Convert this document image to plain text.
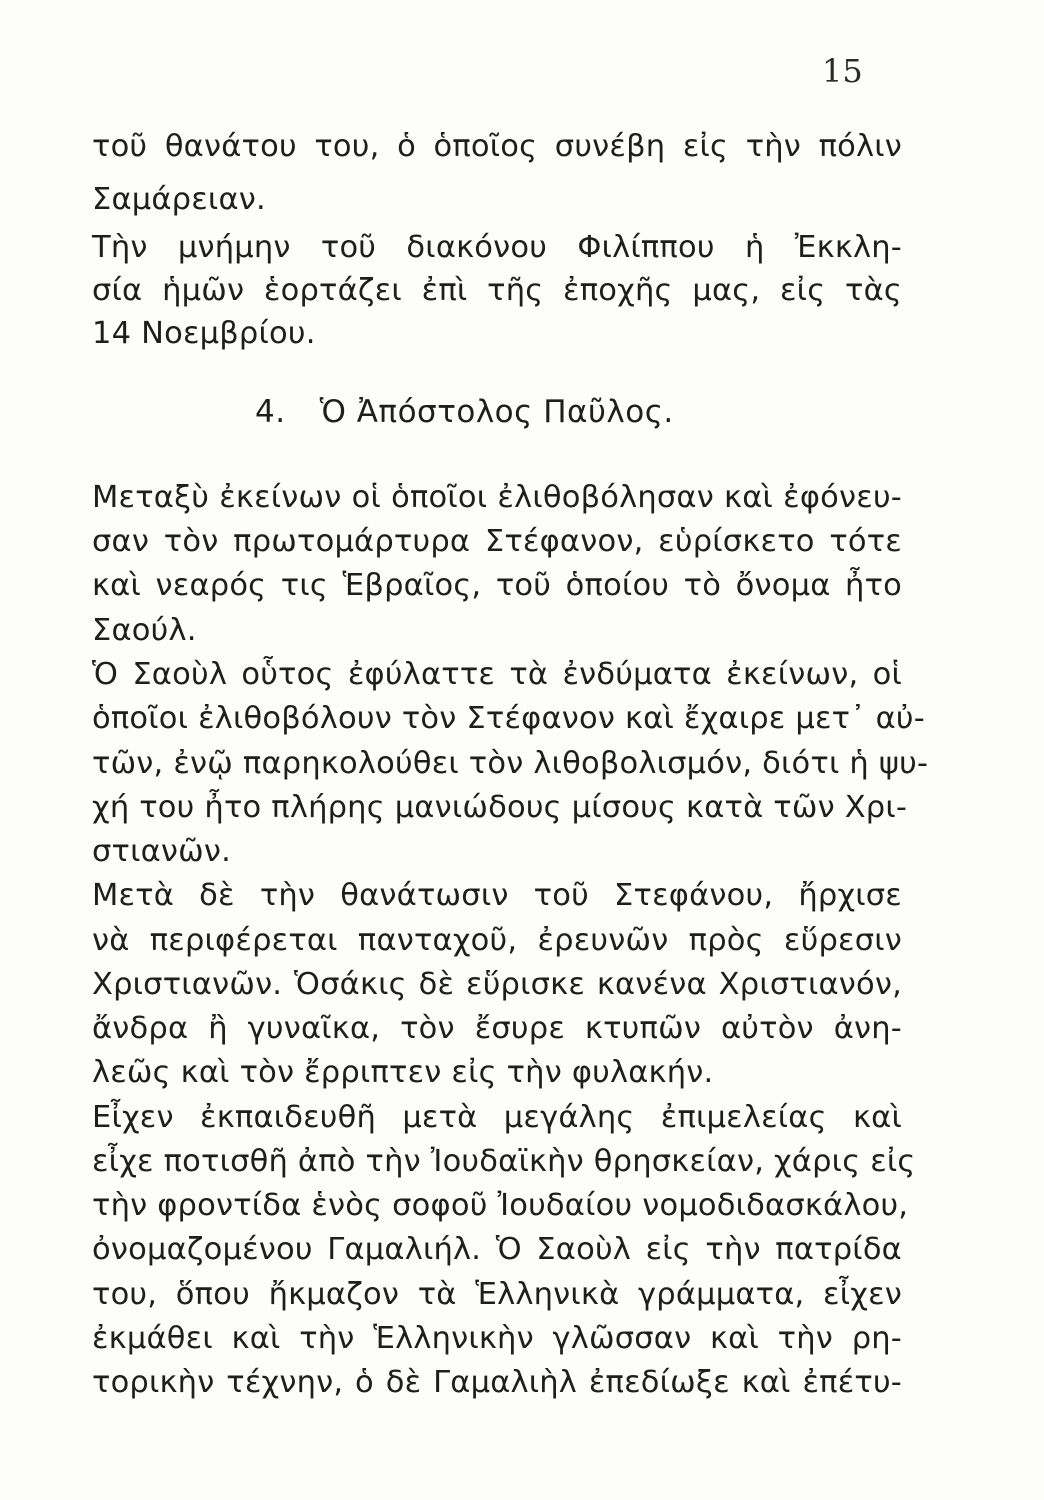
15
τοῦ θανάτου του, ὁ ὁποῖος συνέβη εἰς τὴν πόλιν
Σαμάρειαν.
Τὴν μνήμην τοῦ διακόνου Φιλίππου ἡ Ἐκκλη-
σία ἡμῶν ἑορτάζει ἐπὶ τῆς ἐποχῆς μας, εἰς τὰς
14 Νοεμβρίου.
4. Ὁ Ἀπόστολος Παῦλος.
Μεταξὺ ἐκείνων οἱ ὁποῖοι ἐλιθοβόλησαν καὶ ἐφόνευ-
σαν τὸν πρωτομάρτυρα Στέφανον, εὑρίσκετο τότε
καὶ νεαρός τις Ἑβραῖος, τοῦ ὁποίου τὸ ὄνομα ἦτο
Σαούλ.
Ὁ Σαοὺλ οὗτος ἐφύλαττε τὰ ἐνδύματα ἐκείνων, οἱ
ὁποῖοι ἐλιθοβόλουν τὸν Στέφανον καὶ ἔχαιρε μετ᾿ αὐ-
τῶν, ἐνῷ παρηκολούθει τὸν λιθοβολισμόν, διότι ἡ ψυ-
χή του ἦτο πλήρης μανιώδους μίσους κατὰ τῶν Χρι-
στιανῶν.
Μετὰ δὲ τὴν θανάτωσιν τοῦ Στεφάνου, ἤρχισε
νὰ περιφέρεται πανταχοῦ, ἐρευνῶν πρὸς εὕρεσιν
Χριστιανῶν. Ὁσάκις δὲ εὕρισκε κανένα Χριστιανόν,
ἄνδρα ἢ γυναῖκα, τὸν ἔσυρε κτυπῶν αὐτὸν ἀνη-
λεῶς καὶ τὸν ἔρριπτεν εἰς τὴν φυλακήν.
Εἶχεν ἐκπαιδευθῆ μετὰ μεγάλης ἐπιμελείας καὶ
εἶχε ποτισθῆ ἀπὸ τὴν Ἰουδαϊκὴν θρησκείαν, χάρις εἰς
τὴν φροντίδα ἑνὸς σοφοῦ Ἰουδαίου νομοδιδασκάλου,
ὀνομαζομένου Γαμαλιήλ. Ὁ Σαοὺλ εἰς τὴν πατρίδα
του, ὅπου ἤκμαζον τὰ Ἑλληνικὰ γράμματα, εἶχεν
ἐκμάθει καὶ τὴν Ἑλληνικὴν γλῶσσαν καὶ τὴν ρη-
τορικὴν τέχνην, ὁ δὲ Γαμαλιὴλ ἐπεδίωξε καὶ ἐπέτυ-
